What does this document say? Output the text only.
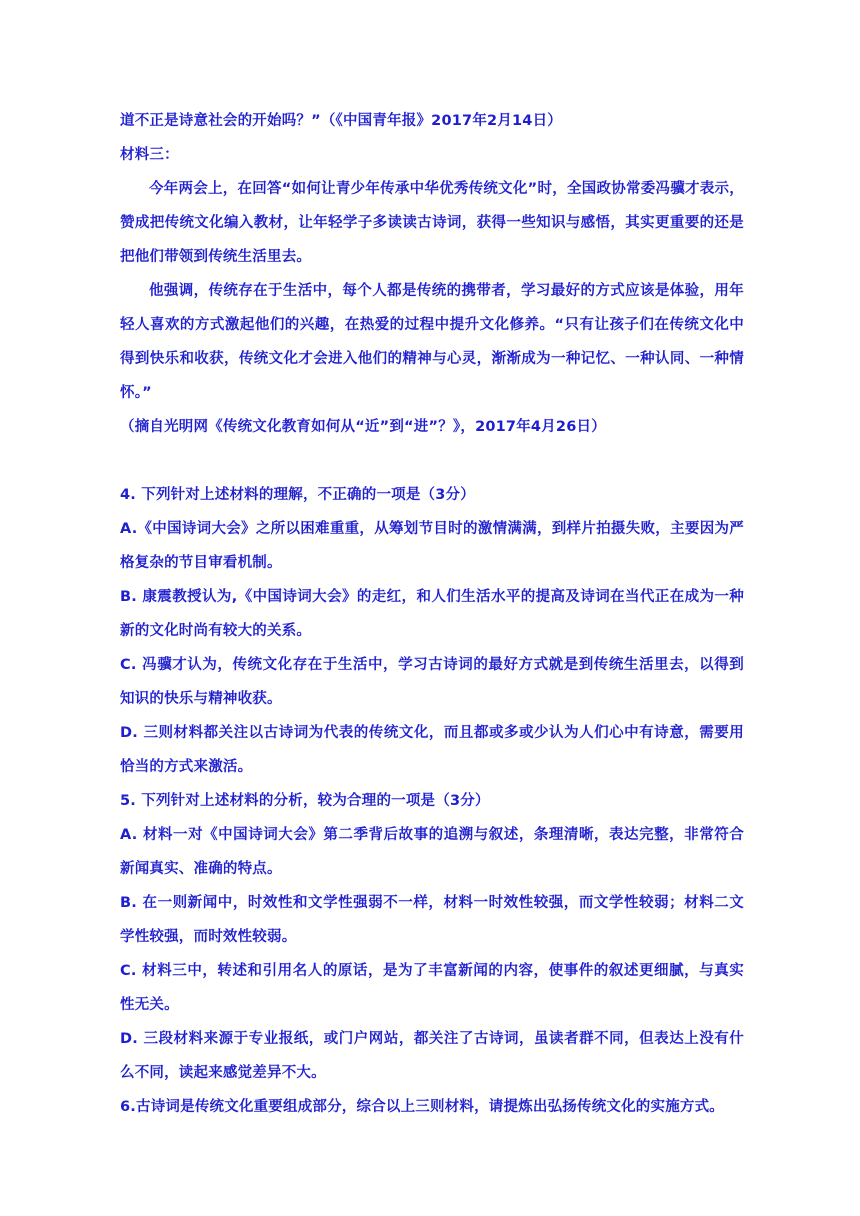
道不正是诗意社会的开始吗？”（《中国青年报》2017年2月14日）

材料三：

今年两会上，在回答“如何让青少年传承中华优秀传统文化”时，全国政协常委冯骥才表示，赞成把传统文化编入教材，让年轻学子多读读古诗词，获得一些知识与感悟，其实更重要的还是把他们带领到传统生活里去。

他强调，传统存在于生活中，每个人都是传统的携带者，学习最好的方式应该是体验，用年轻人喜欢的方式激起他们的兴趣，在热爱的过程中提升文化修养。“只有让孩子们在传统文化中得到快乐和收获，传统文化才会进入他们的精神与心灵，渐渐成为一种记忆、一种认同、一种情怀。”

（摘自光明网《传统文化教育如何从“近”到“进”？》，2017年4月26日）

4. 下列针对上述材料的理解，不正确的一项是（3分）

A.《中国诗词大会》之所以困难重重，从筹划节目时的激情满满，到样片拍摄失败，主要因为严格复杂的节目审看机制。

B. 康震教授认为,《中国诗词大会》的走红，和人们生活水平的提高及诗词在当代正在成为一种新的文化时尚有较大的关系。

C. 冯骥才认为，传统文化存在于生活中，学习古诗词的最好方式就是到传统生活里去，以得到知识的快乐与精神收获。

D. 三则材料都关注以古诗词为代表的传统文化，而且都或多或少认为人们心中有诗意，需要用恰当的方式来激活。

5. 下列针对上述材料的分析，较为合理的一项是（3分）

A. 材料一对《中国诗词大会》第二季背后故事的追溯与叙述，条理清晰，表达完整，非常符合新闻真实、准确的特点。

B. 在一则新闻中，时效性和文学性强弱不一样，材料一时效性较强，而文学性较弱；材料二文学性较强，而时效性较弱。

C. 材料三中，转述和引用名人的原话，是为了丰富新闻的内容，使事件的叙述更细腻，与真实性无关。

D. 三段材料来源于专业报纸，或门户网站，都关注了古诗词，虽读者群不同，但表达上没有什么不同，读起来感觉差异不大。

6.古诗词是传统文化重要组成部分，综合以上三则材料，请提炼出弘扬传统文化的实施方式。
